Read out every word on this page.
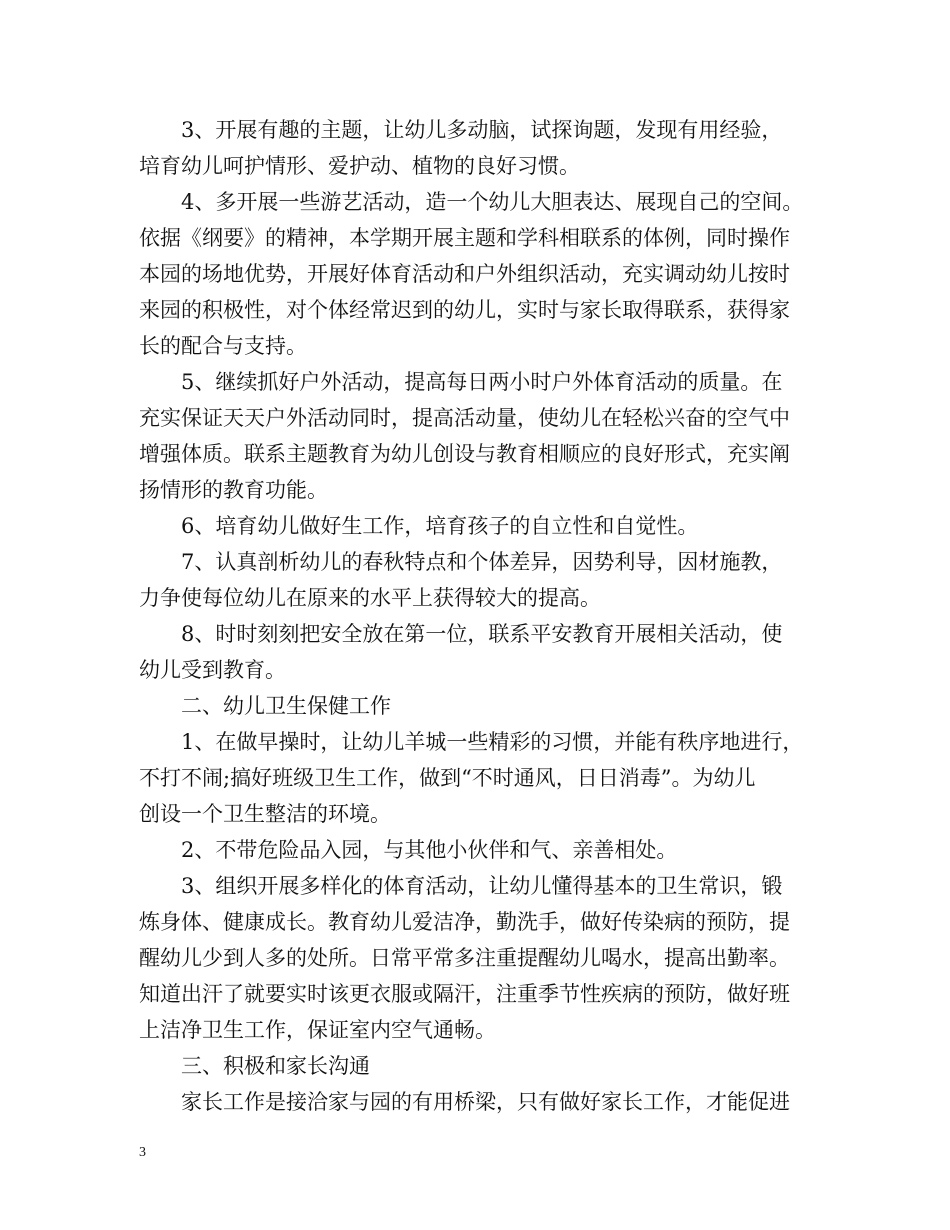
3、开展有趣的主题，让幼儿多动脑，试探询题，发现有用经验，
培育幼儿呵护情形、爱护动、植物的良好习惯。
4、多开展一些游艺活动，造一个幼儿大胆表达、展现自己的空间。
依据《纲要》的精神，本学期开展主题和学科相联系的体例，同时操作
本园的场地优势，开展好体育活动和户外组织活动，充实调动幼儿按时
来园的积极性，对个体经常迟到的幼儿，实时与家长取得联系，获得家
长的配合与支持。
5、继续抓好户外活动，提高每日两小时户外体育活动的质量。在
充实保证天天户外活动同时，提高活动量，使幼儿在轻松兴奋的空气中
增强体质。联系主题教育为幼儿创设与教育相顺应的良好形式，充实阐
扬情形的教育功能。
6、培育幼儿做好生工作，培育孩子的自立性和自觉性。
7、认真剖析幼儿的春秋特点和个体差异，因势利导，因材施教，
力争使每位幼儿在原来的水平上获得较大的提高。
8、时时刻刻把安全放在第一位，联系平安教育开展相关活动，使
幼儿受到教育。
二、幼儿卫生保健工作
1、在做早操时，让幼儿羊城一些精彩的习惯，并能有秩序地进行，
不打不闹;搞好班级卫生工作，做到“不时通风，日日消毒”。为幼儿
创设一个卫生整洁的环境。
2、不带危险品入园，与其他小伙伴和气、亲善相处。
3、组织开展多样化的体育活动，让幼儿懂得基本的卫生常识，锻
炼身体、健康成长。教育幼儿爱洁净，勤洗手，做好传染病的预防，提
醒幼儿少到人多的处所。日常平常多注重提醒幼儿喝水，提高出勤率。
知道出汗了就要实时该更衣服或隔汗，注重季节性疾病的预防，做好班
上洁净卫生工作，保证室内空气通畅。
三、积极和家长沟通
家长工作是接洽家与园的有用桥梁，只有做好家长工作，才能促进
3
